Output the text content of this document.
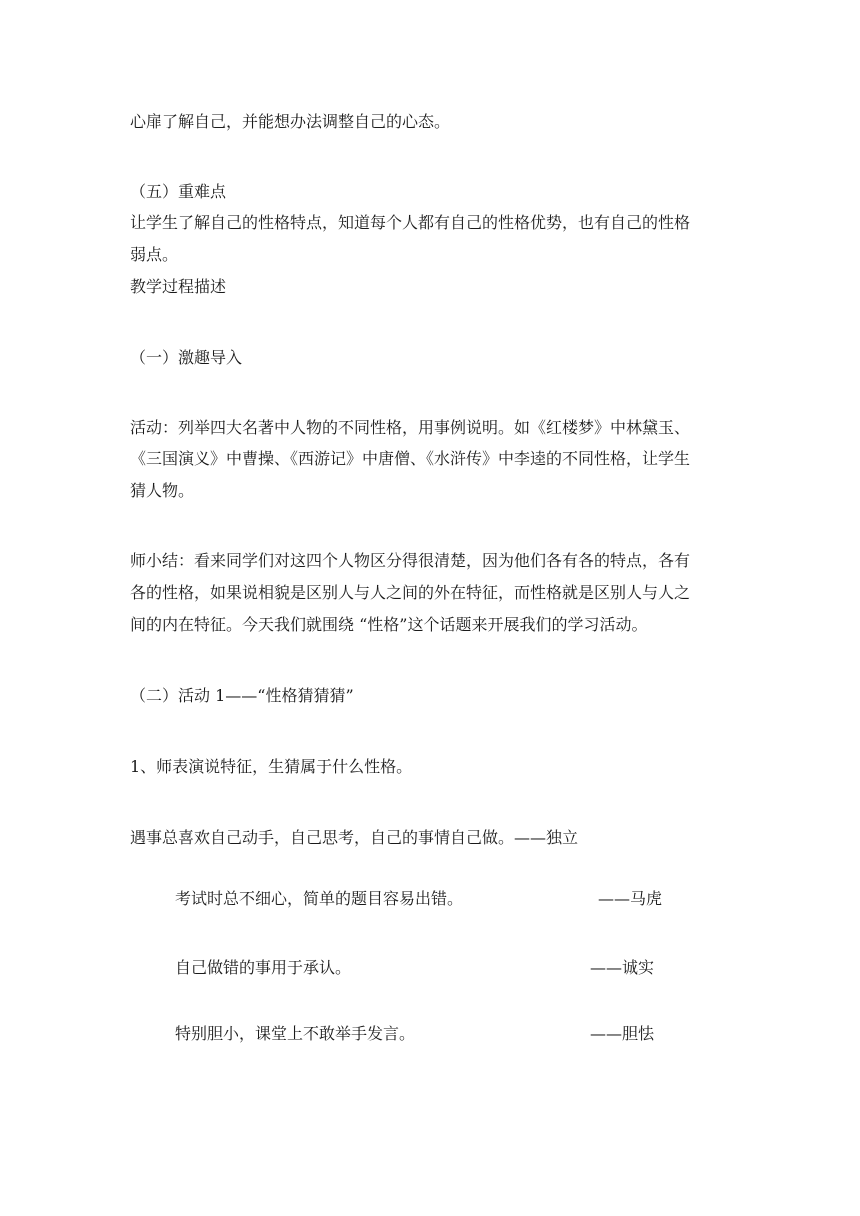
心扉了解自己，并能想办法调整自己的心态。

（五）重难点

让学生了解自己的性格特点，知道每个人都有自己的性格优势，也有自己的性格

弱点。

教学过程描述

（一）激趣导入

活动：列举四大名著中人物的不同性格，用事例说明。如《红楼梦》中林黛玉、

《三国演义》中曹操、《西游记》中唐僧、《水浒传》中李逵的不同性格，让学生

猜人物。

师小结：看来同学们对这四个人物区分得很清楚，因为他们各有各的特点，各有

各的性格，如果说相貌是区别人与人之间的外在特征，而性格就是区别人与人之

间的内在特征。今天我们就围绕 “性格”这个话题来开展我们的学习活动。

（二）活动 1——“性格猜猜猜”

1、师表演说特征，生猜属于什么性格。

遇事总喜欢自己动手，自己思考，自己的事情自己做。——独立

考试时总不细心，简单的题目容易出错。	——马虎
自己做错的事用于承认。	——诚实
特别胆小，课堂上不敢举手发言。	——胆怯
